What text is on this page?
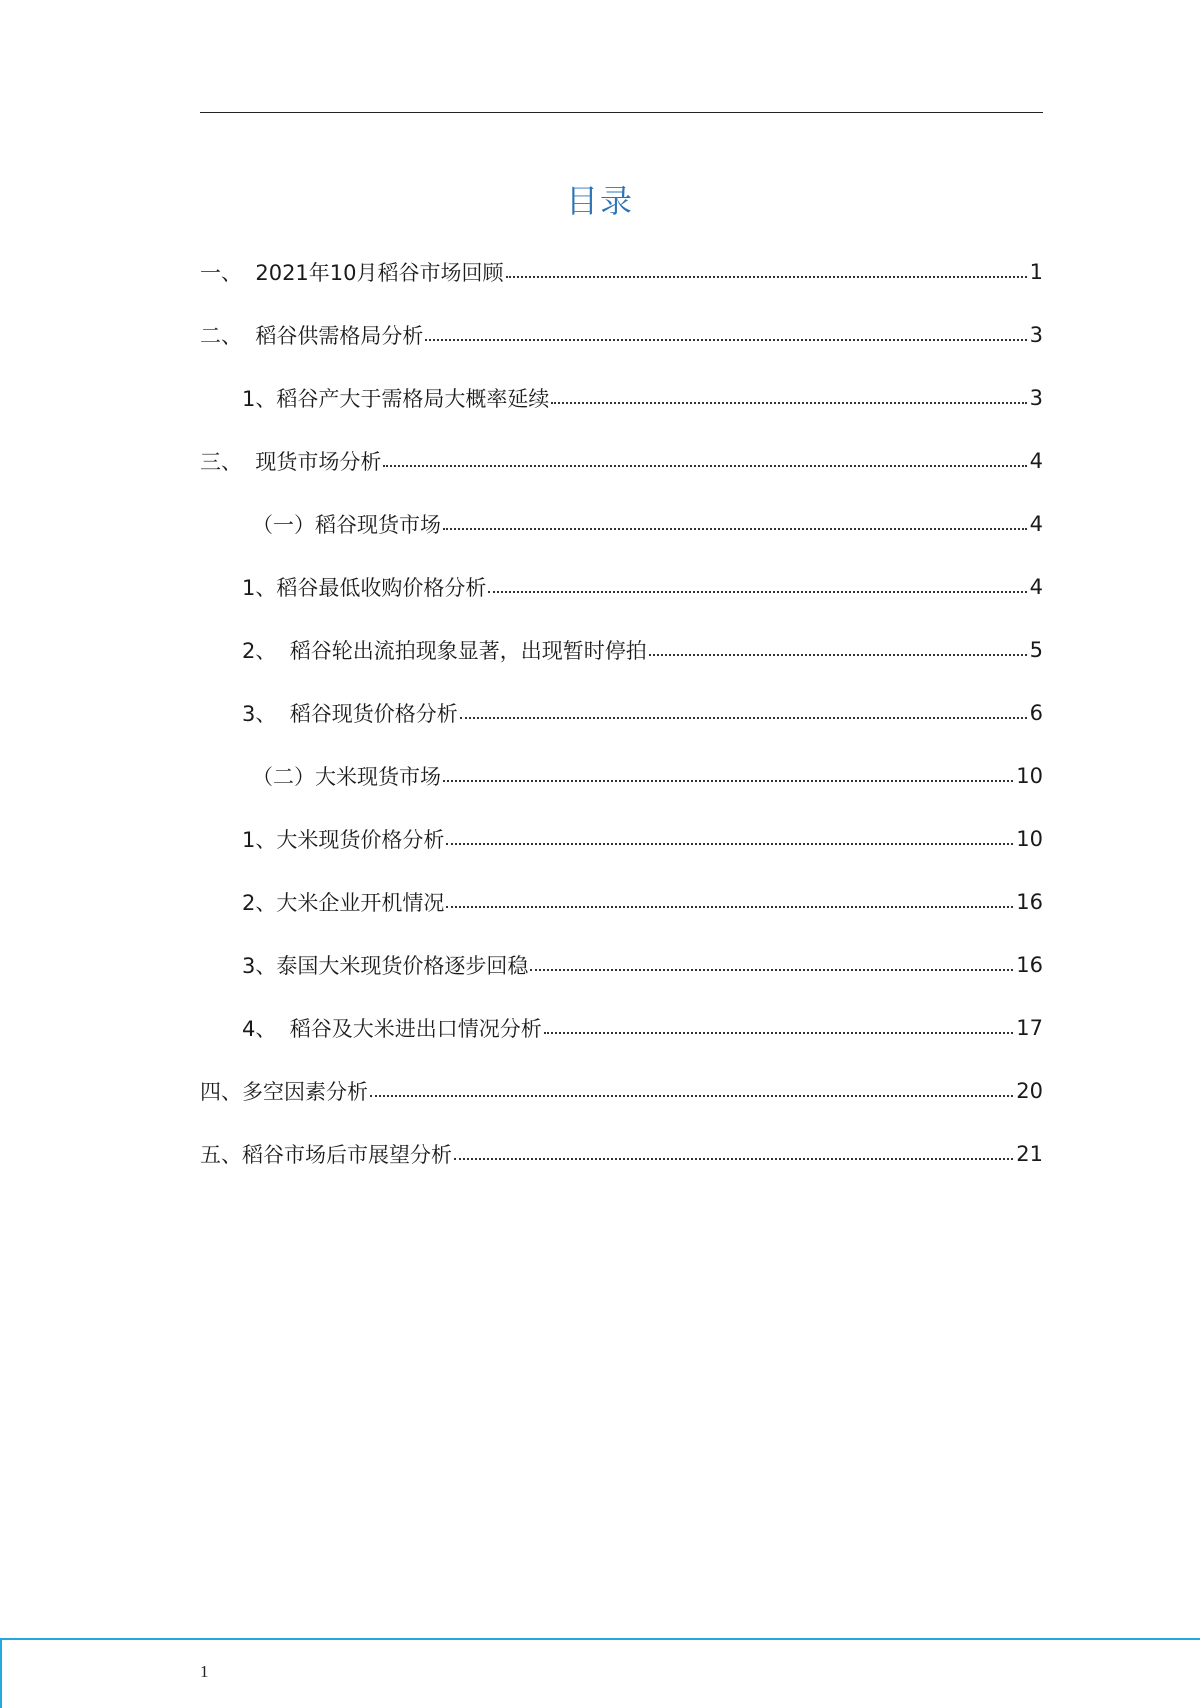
目录
一、  2021年10月稻谷市场回顾	1
二、  稻谷供需格局分析	3
1、稻谷产大于需格局大概率延续	3
三、  现货市场分析	4
（一）稻谷现货市场	4
1、稻谷最低收购价格分析	4
2、  稻谷轮出流拍现象显著，出现暂时停拍	5
3、  稻谷现货价格分析	6
（二）大米现货市场	10
1、大米现货价格分析	10
2、大米企业开机情况	16
3、泰国大米现货价格逐步回稳	16
4、  稻谷及大米进出口情况分析	17
四、多空因素分析	20
五、稻谷市场后市展望分析	21
1
